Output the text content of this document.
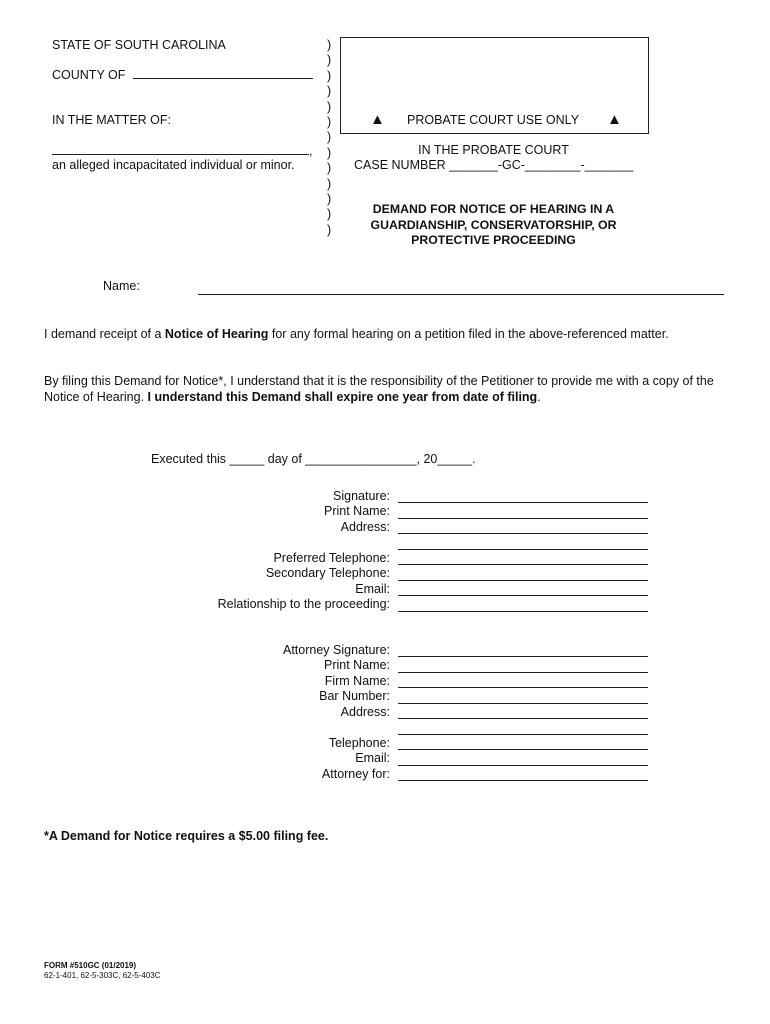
STATE OF SOUTH CAROLINA
COUNTY OF
IN THE MATTER OF:
,
an alleged incapacitated individual or minor.
)
)
)
)
)
)
)
)
)
)
)
)
)
▲ PROBATE COURT USE ONLY ▲
IN THE PROBATE COURT
CASE NUMBER _______-GC-________-_______
DEMAND FOR NOTICE OF HEARING IN A
GUARDIANSHIP, CONSERVATORSHIP, OR
PROTECTIVE PROCEEDING
Name:
I demand receipt of a Notice of Hearing for any formal hearing on a petition filed in the above-referenced matter.
By filing this Demand for Notice*, I understand that it is the responsibility of the Petitioner to provide me with a copy of the
Notice of Hearing. I understand this Demand shall expire one year from date of filing.
Executed this _____ day of ________________, 20_____.
Signature:
Print Name:
Address:
Preferred Telephone:
Secondary Telephone:
Email:
Relationship to the proceeding:
Attorney Signature:
Print Name:
Firm Name:
Bar Number:
Address:
Telephone:
Email:
Attorney for:
*A Demand for Notice requires a $5.00 filing fee.
FORM #510GC (01/2019)
62-1-401, 62-5-303C, 62-5-403C
